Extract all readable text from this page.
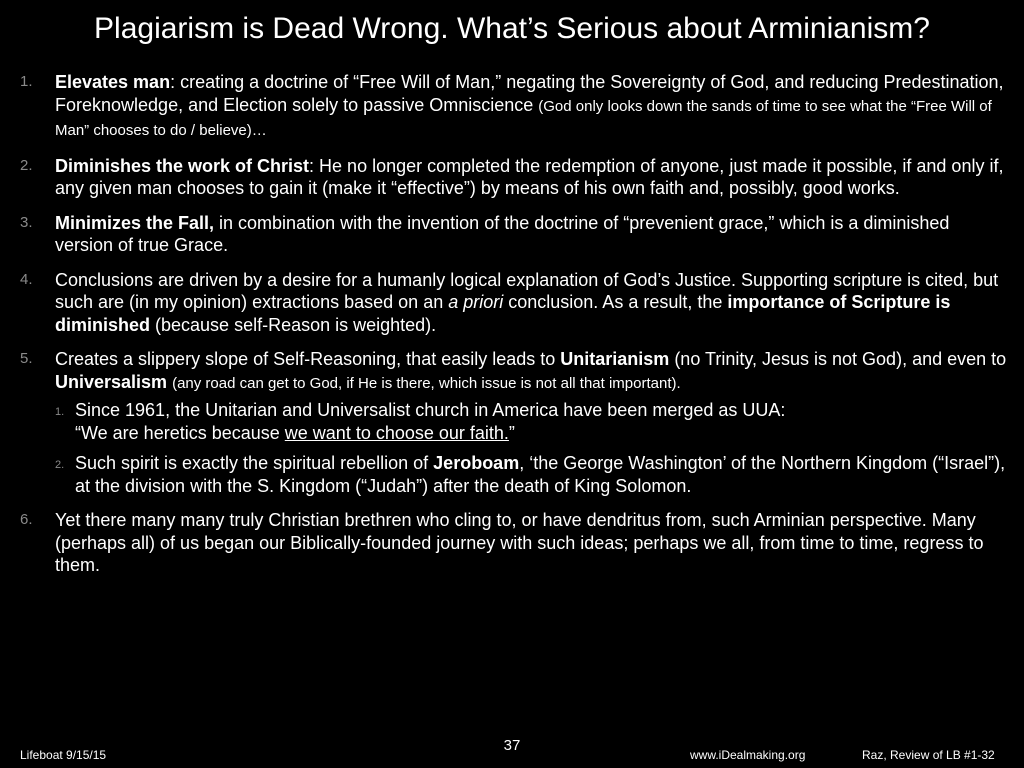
Plagiarism is Dead Wrong. What’s Serious about Arminianism?
1. Elevates man: creating a doctrine of “Free Will of Man,” negating the Sovereignty of God, and reducing Predestination, Foreknowledge, and Election solely to passive Omniscience (God only looks down the sands of time to see what the “Free Will of Man” chooses to do / believe)…
2. Diminishes the work of Christ: He no longer completed the redemption of anyone, just made it possible, if and only if, any given man chooses to gain it (make it “effective”) by means of his own faith and, possibly, good works.
3. Minimizes the Fall, in combination with the invention of the doctrine of “prevenient grace,” which is a diminished version of true Grace.
4. Conclusions are driven by a desire for a humanly logical explanation of God’s Justice. Supporting scripture is cited, but such are (in my opinion) extractions based on an a priori conclusion. As a result, the importance of Scripture is diminished (because self-Reason is weighted).
5. Creates a slippery slope of Self-Reasoning, that easily leads to Unitarianism (no Trinity, Jesus is not God), and even to Universalism (any road can get to God, if He is there, which issue is not all that important).
1. Since 1961, the Unitarian and Universalist church in America have been merged as UUA:
“We are heretics because we want to choose our faith.”
2. Such spirit is exactly the spiritual rebellion of Jeroboam, ‘the George Washington’ of the Northern Kingdom (“Israel”), at the division with the S. Kingdom (“Judah”) after the death of King Solomon.
6. Yet there many many truly Christian brethren who cling to, or have dendritus from, such Arminian perspective. Many (perhaps all) of us began our Biblically-founded journey with such ideas; perhaps we all, from time to time, regress to them.
Lifeboat 9/15/15
37
www.iDealmaking.org	Raz, Review of LB #1-32
